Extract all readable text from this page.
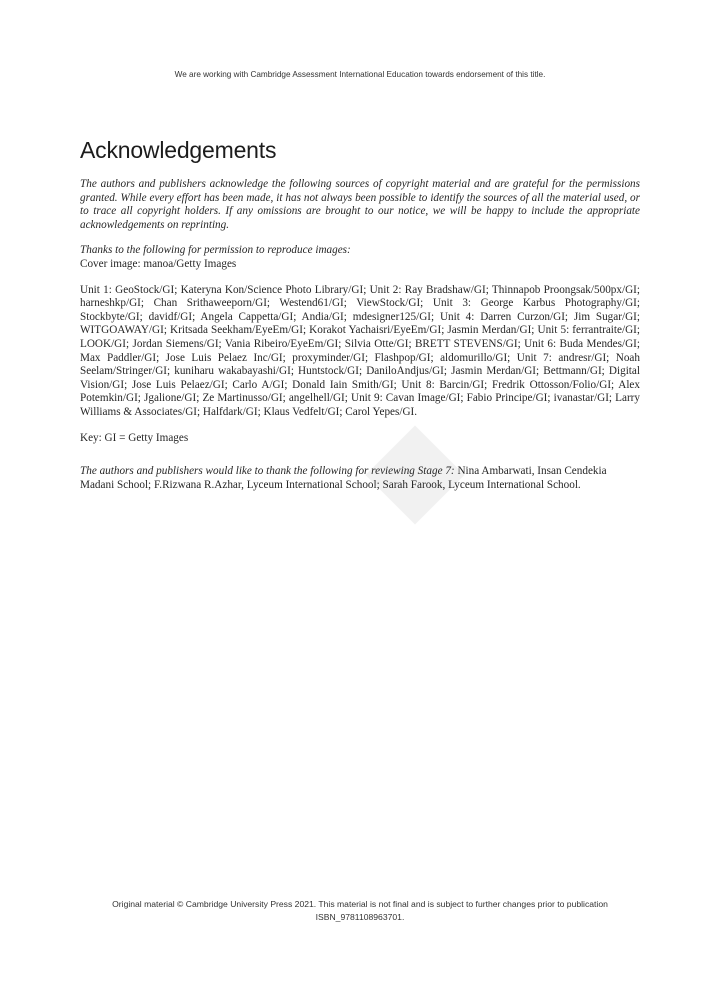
We are working with Cambridge Assessment International Education towards endorsement of this title.
Acknowledgements

The authors and publishers acknowledge the following sources of copyright material and are grateful for the permissions granted. While every effort has been made, it has not always been possible to identify the sources of all the material used, or to trace all copyright holders. If any omissions are brought to our notice, we will be happy to include the appropriate acknowledgements on reprinting.

Thanks to the following for permission to reproduce images:
Cover image: manoa/Getty Images

Unit 1: GeoStock/GI; Kateryna Kon/Science Photo Library/GI; Unit 2: Ray Bradshaw/GI; Thinnapob Proongsak/500px/GI; harneshkp/GI; Chan Srithaweeporn/GI; Westend61/GI; ViewStock/GI; Unit 3: George Karbus Photography/GI; Stockbyte/GI; davidf/GI; Angela Cappetta/GI; Andia/GI; mdesigner125/GI; Unit 4: Darren Curzon/GI; Jim Sugar/GI; WITGOAWAY/GI; Kritsada Seekham/EyeEm/GI; Korakot Yachaisri/EyeEm/GI; Jasmin Merdan/GI; Unit 5: ferrantraite/GI; LOOK/GI; Jordan Siemens/GI; Vania Ribeiro/EyeEm/GI; Silvia Otte/GI; BRETT STEVENS/GI; Unit 6: Buda Mendes/GI; Max Paddler/GI; Jose Luis Pelaez Inc/GI; proxyminder/GI; Flashpop/GI; aldomurillo/GI; Unit 7: andresr/GI; Noah Seelam/Stringer/GI; kuniharu wakabayashi/GI; Huntstock/GI; DaniloAndjus/GI; Jasmin Merdan/GI; Bettmann/GI; Digital Vision/GI; Jose Luis Pelaez/GI; Carlo A/GI; Donald Iain Smith/GI; Unit 8: Barcin/GI; Fredrik Ottosson/Folio/GI; Alex Potemkin/GI; Jgalione/GI; Ze Martinusso/GI; angelhell/GI; Unit 9: Cavan Image/GI; Fabio Principe/GI; ivanastar/GI; Larry Williams & Associates/GI; Halfdark/GI; Klaus Vedfelt/GI; Carol Yepes/GI.

Key: GI = Getty Images

The authors and publishers would like to thank the following for reviewing Stage 7: Nina Ambarwati, Insan Cendekia Madani School; F.Rizwana R.Azhar, Lyceum International School; Sarah Farook, Lyceum International School.

Original material © Cambridge University Press 2021. This material is not final and is subject to further changes prior to publication
ISBN_9781108963701.
